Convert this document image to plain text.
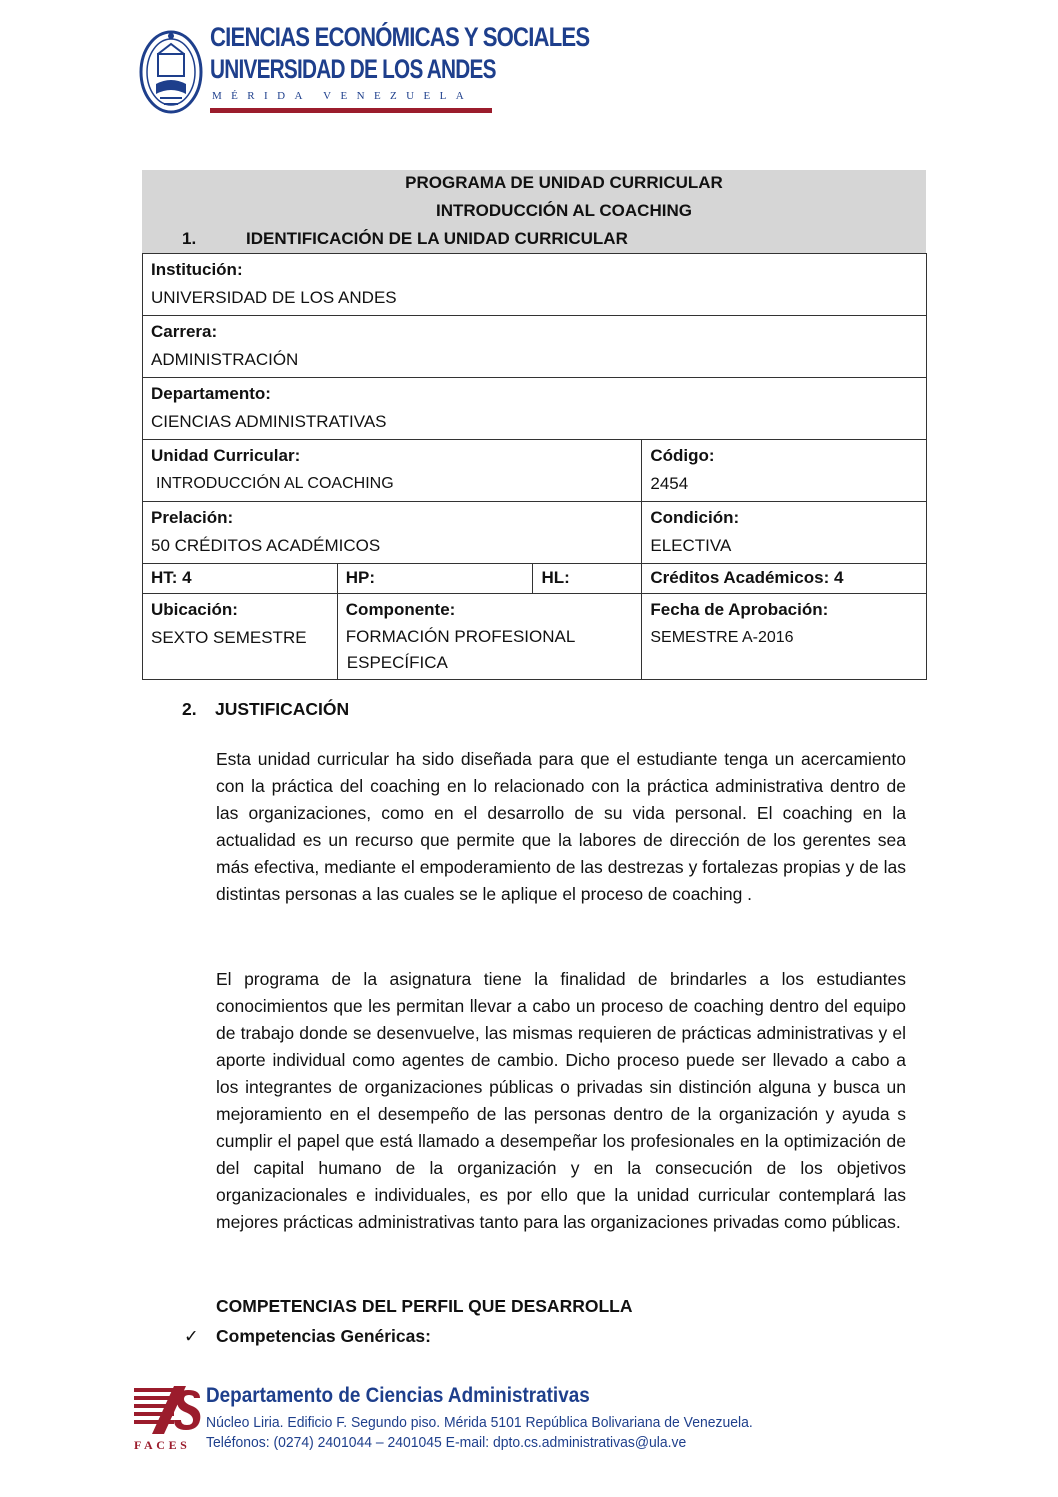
CIENCIAS ECONÓMICAS Y SOCIALES
UNIVERSIDAD DE LOS ANDES
MÉRIDA VENEZUELA
PROGRAMA DE UNIDAD CURRICULAR
INTRODUCCIÓN AL COACHING
1.	IDENTIFICACIÓN DE LA UNIDAD CURRICULAR
Institución:
UNIVERSIDAD DE LOS ANDES			

Carrera:
ADMINISTRACIÓN			

Departamento:
CIENCIAS ADMINISTRATIVAS			

Unidad Curricular:
INTRODUCCIÓN AL COACHING			Código:
2454

Prelación:
50 CRÉDITOS ACADÉMICOS			Condición:
ELECTIVA

HT: 4	HP:	HL:	Créditos Académicos: 4

Ubicación:
SEXTO SEMESTRE	Componente:
FORMACIÓN PROFESIONAL
ESPECÍFICA		Fecha de Aprobación:
SEMESTRE A-2016
2. JUSTIFICACIÓN

Esta unidad curricular ha sido diseñada para que el estudiante tenga un acercamiento con la práctica del coaching en lo relacionado con la práctica administrativa dentro de las organizaciones, como en el desarrollo de su vida personal. El coaching en la actualidad es un recurso que permite que la labores de dirección de los gerentes sea más efectiva, mediante el empoderamiento de las destrezas y fortalezas propias y de las distintas personas a las cuales se le aplique el proceso de coaching .

El programa de la asignatura tiene la finalidad de brindarles a los estudiantes conocimientos que les permitan llevar a cabo un proceso de coaching dentro del equipo de trabajo donde se desenvuelve, las mismas requieren de prácticas administrativas y el aporte individual como agentes de cambio. Dicho proceso puede ser llevado a cabo a los integrantes de organizaciones públicas o privadas sin distinción alguna y busca un mejoramiento en el desempeño de las personas dentro de la organización y ayuda s cumplir el papel que está llamado a desempeñar los profesionales en la optimización de del capital humano de la organización y en la consecución de los objetivos organizacionales e individuales, es por ello que la unidad curricular contemplará las mejores prácticas administrativas tanto para las organizaciones privadas como públicas.

COMPETENCIAS DEL PERFIL QUE DESARROLLA
✓ Competencias Genéricas:
FACES
Departamento de Ciencias Administrativas
Núcleo Liria. Edificio F. Segundo piso. Mérida 5101 República Bolivariana de Venezuela.
Teléfonos: (0274) 2401044 – 2401045 E-mail: dpto.cs.administrativas@ula.ve
